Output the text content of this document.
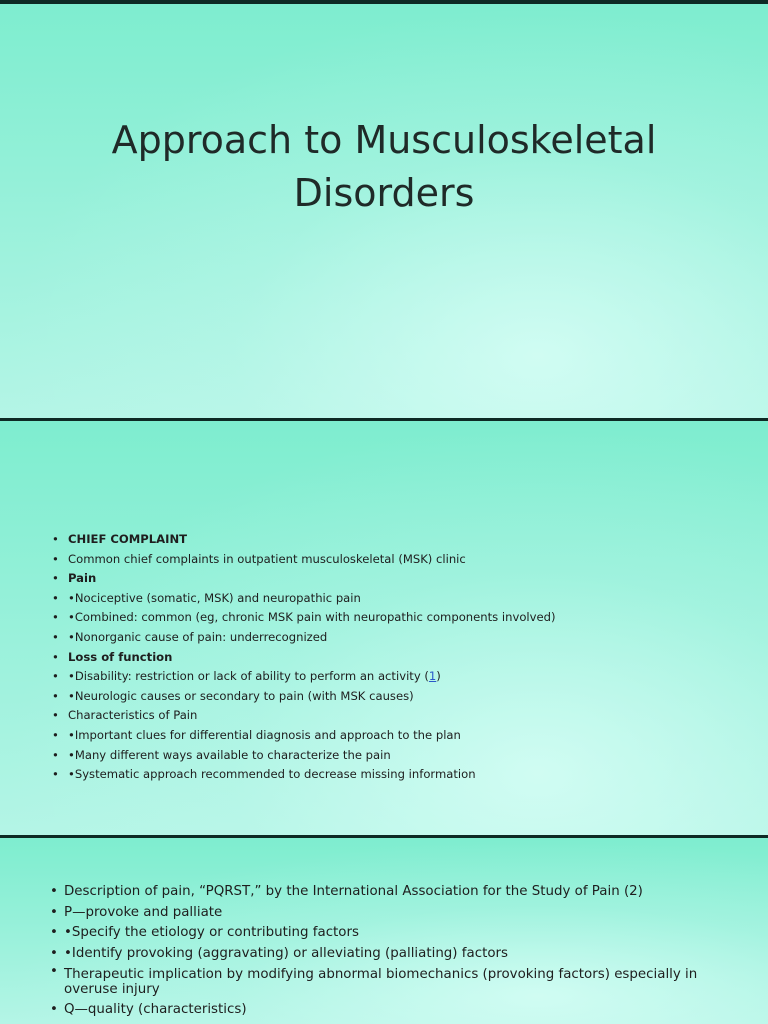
Approach to Musculoskeletal Disorders
• CHIEF COMPLAINT
• Common chief complaints in outpatient musculoskeletal (MSK) clinic
• Pain
• •Nociceptive (somatic, MSK) and neuropathic pain
• •Combined: common (eg, chronic MSK pain with neuropathic components involved)
• •Nonorganic cause of pain: underrecognized
• Loss of function
• •Disability: restriction or lack of ability to perform an activity (1)
• •Neurologic causes or secondary to pain (with MSK causes)
• Characteristics of Pain
• •Important clues for differential diagnosis and approach to the plan
• •Many different ways available to characterize the pain
• •Systematic approach recommended to decrease missing information
• Description of pain, “PQRST,” by the International Association for the Study of Pain (2)
• P—provoke and palliate
• •Specify the etiology or contributing factors
• •Identify provoking (aggravating) or alleviating (palliating) factors
• Therapeutic implication by modifying abnormal biomechanics (provoking factors) especially in overuse injury
• Q—quality (characteristics)
